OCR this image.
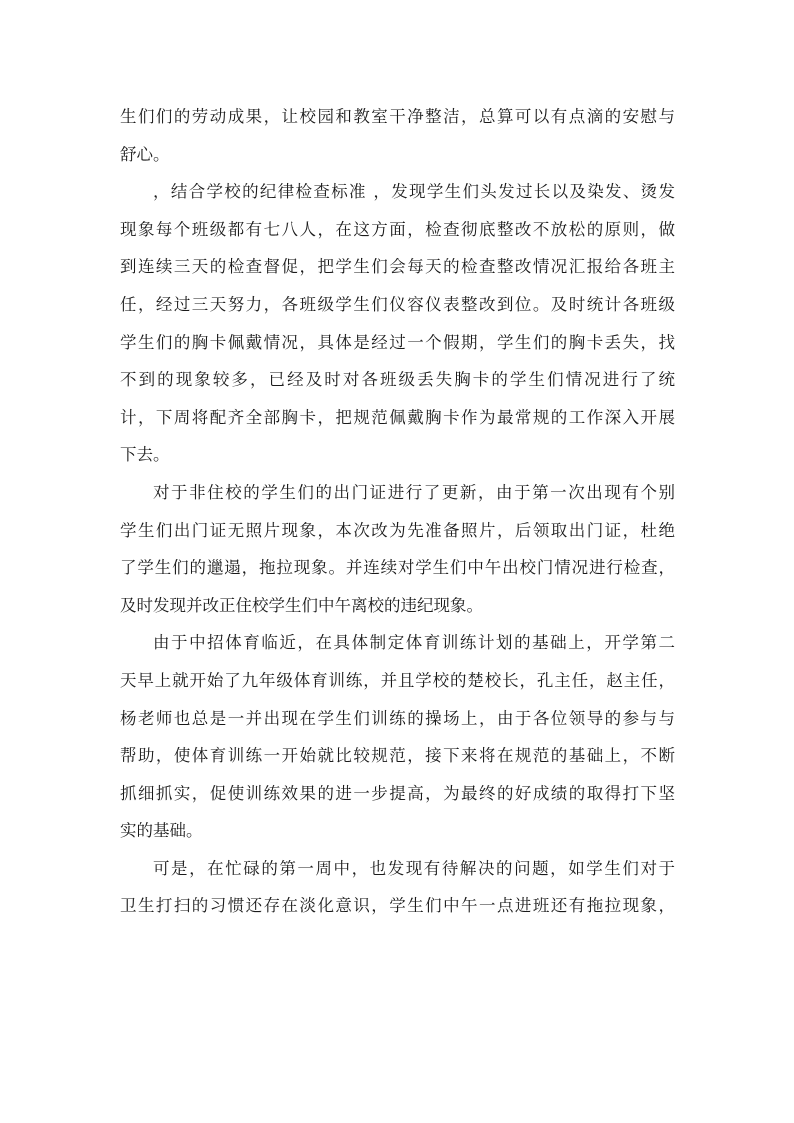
生们们的劳动成果，让校园和教室干净整洁，总算可以有点滴的安慰与
舒心。
，结合学校的纪律检查标准 ，发现学生们头发过长以及染发、烫发
现象每个班级都有七八人，在这方面，检查彻底整改不放松的原则，做
到连续三天的检查督促，把学生们会每天的检查整改情况汇报给各班主
任，经过三天努力，各班级学生们仪容仪表整改到位。及时统计各班级
学生们的胸卡佩戴情况，具体是经过一个假期，学生们的胸卡丢失，找
不到的现象较多，已经及时对各班级丢失胸卡的学生们情况进行了统
计，下周将配齐全部胸卡，把规范佩戴胸卡作为最常规的工作深入开展
下去。
对于非住校的学生们的出门证进行了更新，由于第一次出现有个别
学生们出门证无照片现象，本次改为先准备照片，后领取出门证，杜绝
了学生们的邋遢，拖拉现象。并连续对学生们中午出校门情况进行检查，
及时发现并改正住校学生们中午离校的违纪现象。
由于中招体育临近，在具体制定体育训练计划的基础上，开学第二
天早上就开始了九年级体育训练，并且学校的楚校长，孔主任，赵主任，
杨老师也总是一并出现在学生们训练的操场上，由于各位领导的参与与
帮助，使体育训练一开始就比较规范，接下来将在规范的基础上，不断
抓细抓实，促使训练效果的进一步提高，为最终的好成绩的取得打下坚
实的基础。
可是，在忙碌的第一周中，也发现有待解决的问题，如学生们对于
卫生打扫的习惯还存在淡化意识，学生们中午一点进班还有拖拉现象，
